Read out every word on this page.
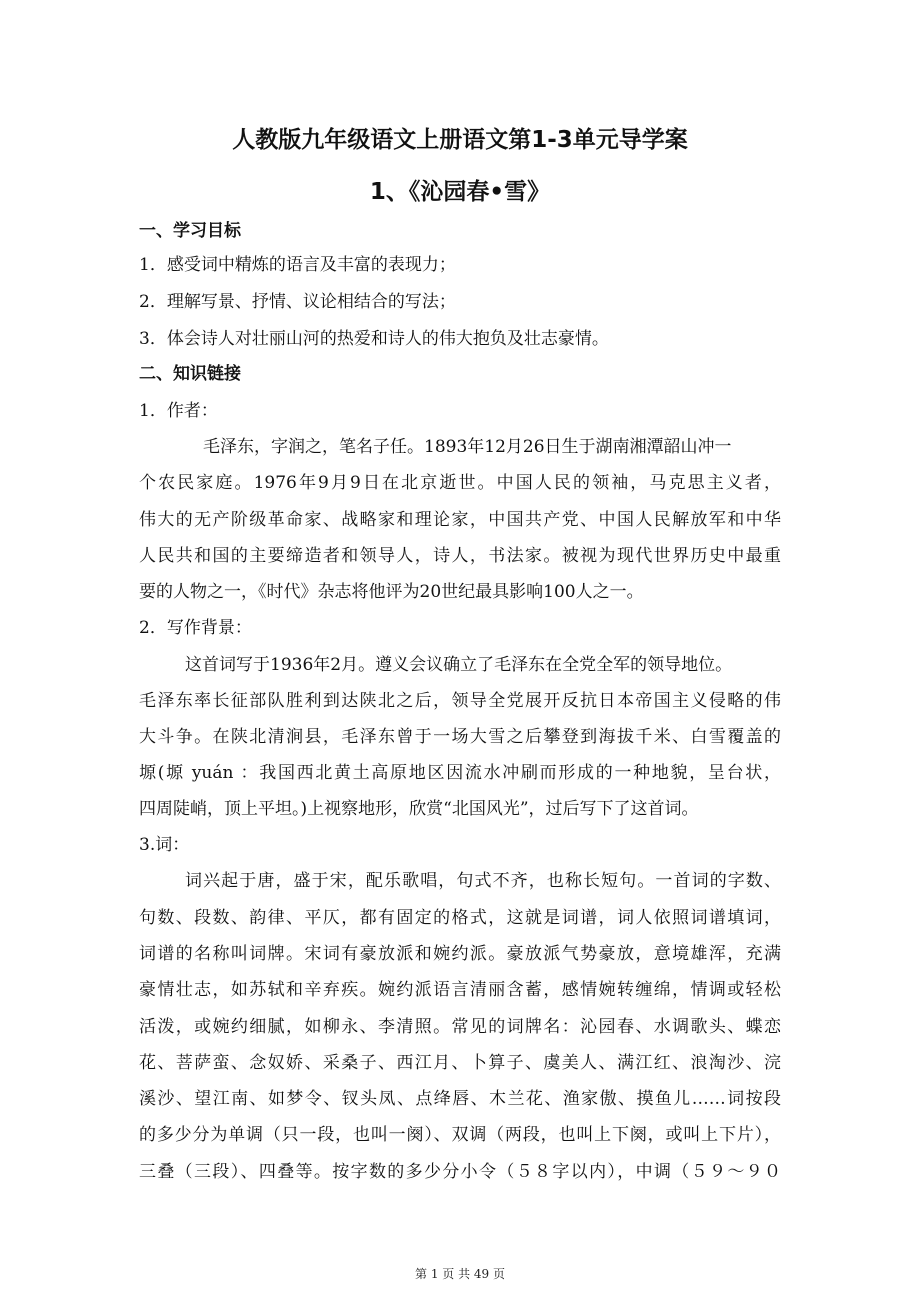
人教版九年级语文上册语文第1-3单元导学案
1、《沁园春•雪》
一、学习目标
1．感受词中精炼的语言及丰富的表现力；
2．理解写景、抒情、议论相结合的写法；
3．体会诗人对壮丽山河的热爱和诗人的伟大抱负及壮志豪情。
二、知识链接
1．作者：
毛泽东，字润之，笔名子任。1893年12月26日生于湖南湘潭韶山冲一
个农民家庭。1976年9月9日在北京逝世。中国人民的领袖，马克思主义者，
伟大的无产阶级革命家、战略家和理论家，中国共产党、中国人民解放军和中华
人民共和国的主要缔造者和领导人，诗人，书法家。被视为现代世界历史中最重
要的人物之一，《时代》杂志将他评为20世纪最具影响100人之一。
2．写作背景：
这首词写于1936年2月。遵义会议确立了毛泽东在全党全军的领导地位。
毛泽东率长征部队胜利到达陕北之后，领导全党展开反抗日本帝国主义侵略的伟
大斗争。在陕北清涧县，毛泽东曾于一场大雪之后攀登到海拔千米、白雪覆盖的
塬(塬 yuán ：我国西北黄土高原地区因流水冲刷而形成的一种地貌，呈台状，
四周陡峭，顶上平坦。)上视察地形，欣赏“北国风光”，过后写下了这首词。
3.词：
词兴起于唐，盛于宋，配乐歌唱，句式不齐，也称长短句。一首词的字数、
句数、段数、韵律、平仄，都有固定的格式，这就是词谱，词人依照词谱填词，
词谱的名称叫词牌。宋词有豪放派和婉约派。豪放派气势豪放，意境雄浑，充满
豪情壮志，如苏轼和辛弃疾。婉约派语言清丽含蓄，感情婉转缠绵，情调或轻松
活泼，或婉约细腻，如柳永、李清照。常见的词牌名：沁园春、水调歌头、蝶恋
花、菩萨蛮、念奴娇、采桑子、西江月、卜算子、虞美人、满江红、浪淘沙、浣
溪沙、望江南、如梦令、钗头凤、点绛唇、木兰花、渔家傲、摸鱼儿……词按段
的多少分为单调（只一段，也叫一阕）、双调（两段，也叫上下阕，或叫上下片），
三叠（三段）、四叠等。按字数的多少分小令（５８字以内），中调（５９～９０
第 1 页 共 49 页
